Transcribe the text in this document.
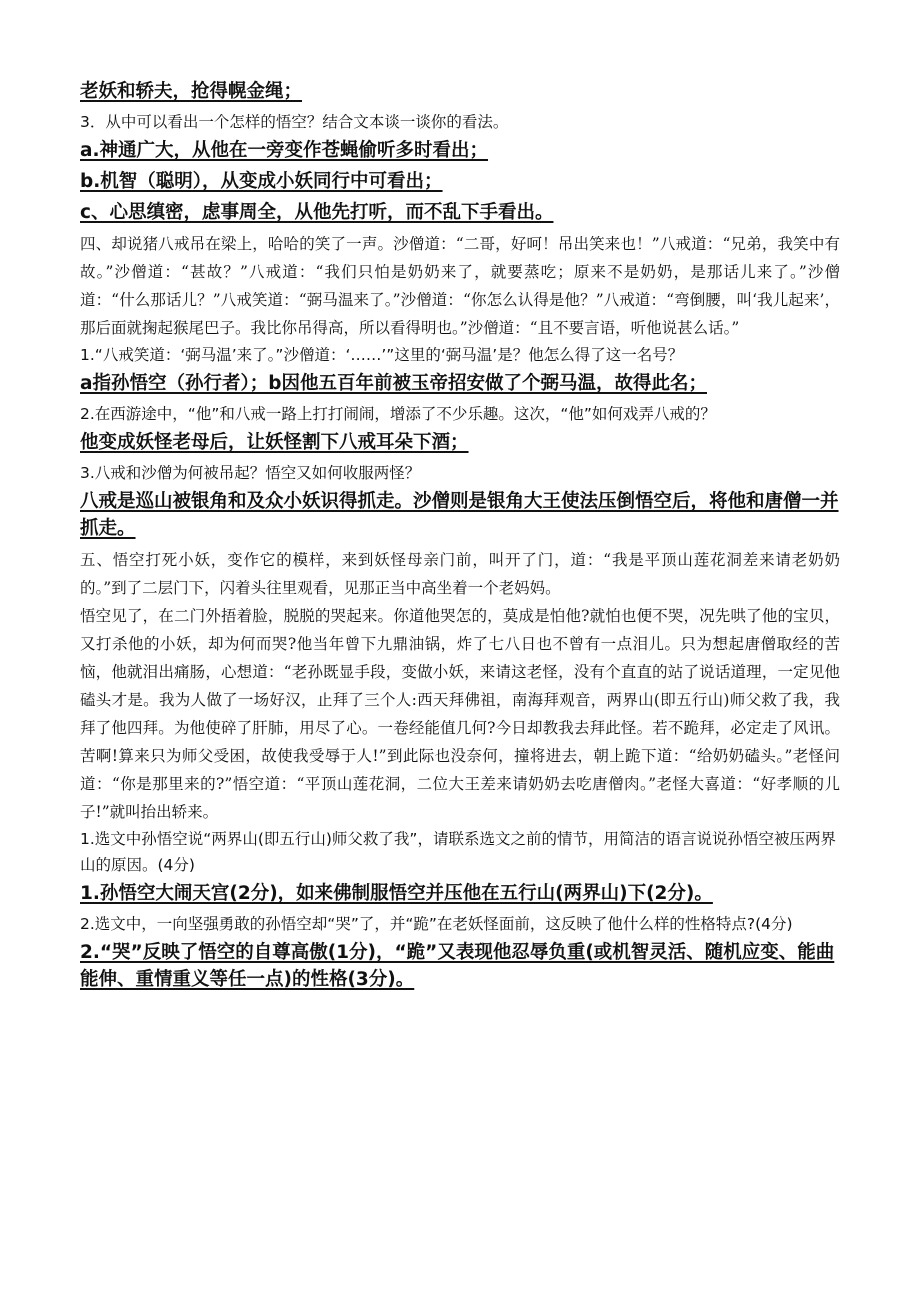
老妖和轿夫，抢得幌金绳；

3．从中可以看出一个怎样的悟空？结合文本谈一谈你的看法。

a.神通广大，从他在一旁变作苍蝇偷听多时看出；

b.机智（聪明），从变成小妖同行中可看出；

c、心思缜密，虑事周全，从他先打听，而不乱下手看出。

四、却说猪八戒吊在梁上，哈哈的笑了一声。沙僧道：“二哥，好呵！吊出笑来也！”八戒道：“兄弟，我笑中有故。”沙僧道：“甚故？”八戒道：“我们只怕是奶奶来了，就要蒸吃；原来不是奶奶，是那话儿来了。”沙僧道：“什么那话儿？”八戒笑道：“弼马温来了。”沙僧道：“你怎么认得是他？”八戒道：“弯倒腰，叫‘我儿起来’，那后面就掬起猴尾巴子。我比你吊得高，所以看得明也。”沙僧道：“且不要言语，听他说甚么话。”

1.“八戒笑道：‘弼马温’来了。”沙僧道：‘……’”这里的‘弼马温’是？他怎么得了这一名号？

a指孙悟空（孙行者）；b因他五百年前被玉帝招安做了个弼马温，故得此名；

2.在西游途中，“他”和八戒一路上打打闹闹，增添了不少乐趣。这次，“他”如何戏弄八戒的？

他变成妖怪老母后，让妖怪割下八戒耳朵下酒；

3.八戒和沙僧为何被吊起？悟空又如何收服两怪？

八戒是巡山被银角和及众小妖识得抓走。沙僧则是银角大王使法压倒悟空后，将他和唐僧一并抓走。

五、悟空打死小妖，变作它的模样，来到妖怪母亲门前，叫开了门，道：“我是平顶山莲花洞差来请老奶奶的。”到了二层门下，闪着头往里观看，见那正当中高坐着一个老妈妈。

悟空见了，在二门外捂着脸，脱脱的哭起来。你道他哭怎的，莫成是怕他?就怕也便不哭，况先哄了他的宝贝，又打杀他的小妖，却为何而哭?他当年曾下九鼎油锅，炸了七八日也不曾有一点泪儿。只为想起唐僧取经的苦恼，他就泪出痛肠，心想道：“老孙既显手段，变做小妖，来请这老怪，没有个直直的站了说话道理，一定见他磕头才是。我为人做了一场好汉，止拜了三个人:西天拜佛祖，南海拜观音，两界山(即五行山)师父救了我，我拜了他四拜。为他使碎了肝肺，用尽了心。一卷经能值几何?今日却教我去拜此怪。若不跪拜，必定走了风讯。苦啊!算来只为师父受困，故使我受辱于人!”到此际也没奈何，撞将进去，朝上跪下道：“给奶奶磕头。”老怪问道：“你是那里来的?”悟空道：“平顶山莲花洞，二位大王差来请奶奶去吃唐僧肉。”老怪大喜道：“好孝顺的儿子!”就叫抬出轿来。

1.选文中孙悟空说“两界山(即五行山)师父救了我”，请联系选文之前的情节，用简洁的语言说说孙悟空被压两界山的原因。(4分)

1.孙悟空大闹天宫(2分)，如来佛制服悟空并压他在五行山(两界山)下(2分)。

2.选文中，一向坚强勇敢的孙悟空却“哭”了，并“跪”在老妖怪面前，这反映了他什么样的性格特点?(4分)

2.“哭”反映了悟空的自尊高傲(1分)，“跪”又表现他忍辱负重(或机智灵活、随机应变、能曲能伸、重情重义等任一点)的性格(3分)。
